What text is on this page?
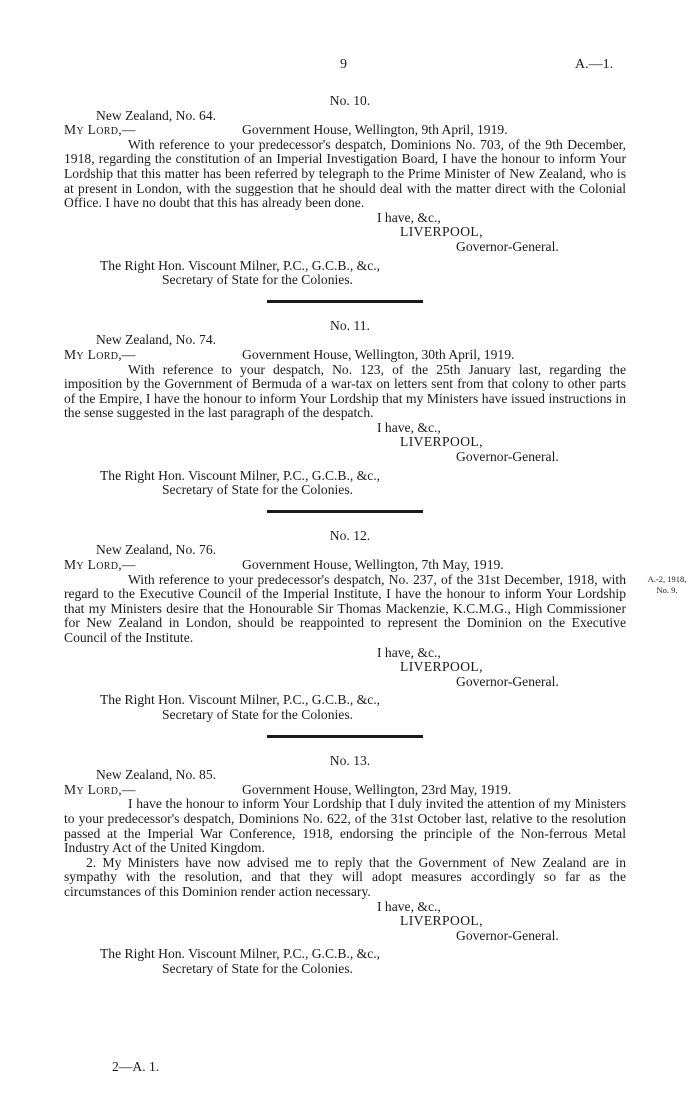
9	A.—1.
No. 10.
New Zealand, No. 64.
My Lord,—	Government House, Wellington, 9th April, 1919.

With reference to your predecessor's despatch, Dominions No. 703, of the 9th December, 1918, regarding the constitution of an Imperial Investigation Board, I have the honour to inform Your Lordship that this matter has been referred by telegraph to the Prime Minister of New Zealand, who is at present in London, with the suggestion that he should deal with the matter direct with the Colonial Office. I have no doubt that this has already been done.

I have, &c.,
LIVERPOOL,
Governor-General.
The Right Hon. Viscount Milner, P.C., G.C.B., &c.,
Secretary of State for the Colonies.
No. 11.
New Zealand, No. 74.
My Lord,—	Government House, Wellington, 30th April, 1919.

With reference to your despatch, No. 123, of the 25th January last, regarding the imposition by the Government of Bermuda of a war-tax on letters sent from that colony to other parts of the Empire, I have the honour to inform Your Lordship that my Ministers have issued instructions in the sense suggested in the last paragraph of the despatch.

I have, &c.,
LIVERPOOL,
Governor-General.
The Right Hon. Viscount Milner, P.C., G.C.B., &c.,
Secretary of State for the Colonies.
No. 12.
New Zealand, No. 76.
My Lord,—	Government House, Wellington, 7th May, 1919.
A.-2, 1918,
No. 9.

With reference to your predecessor's despatch, No. 237, of the 31st December, 1918, with regard to the Executive Council of the Imperial Institute, I have the honour to inform Your Lordship that my Ministers desire that the Honourable Sir Thomas Mackenzie, K.C.M.G., High Commissioner for New Zealand in London, should be reappointed to represent the Dominion on the Executive Council of the Institute.

I have, &c.,
LIVERPOOL,
Governor-General.
The Right Hon. Viscount Milner, P.C., G.C.B., &c.,
Secretary of State for the Colonies.
No. 13.
New Zealand, No. 85.
My Lord,—	Government House, Wellington, 23rd May, 1919.

I have the honour to inform Your Lordship that I duly invited the attention of my Ministers to your predecessor's despatch, Dominions No. 622, of the 31st October last, relative to the resolution passed at the Imperial War Conference, 1918, endorsing the principle of the Non-ferrous Metal Industry Act of the United Kingdom.

2. My Ministers have now advised me to reply that the Government of New Zealand are in sympathy with the resolution, and that they will adopt measures accordingly so far as the circumstances of this Dominion render action necessary.

I have, &c.,
LIVERPOOL,
Governor-General.
The Right Hon. Viscount Milner, P.C., G.C.B., &c.,
Secretary of State for the Colonies.
2—A. 1.
